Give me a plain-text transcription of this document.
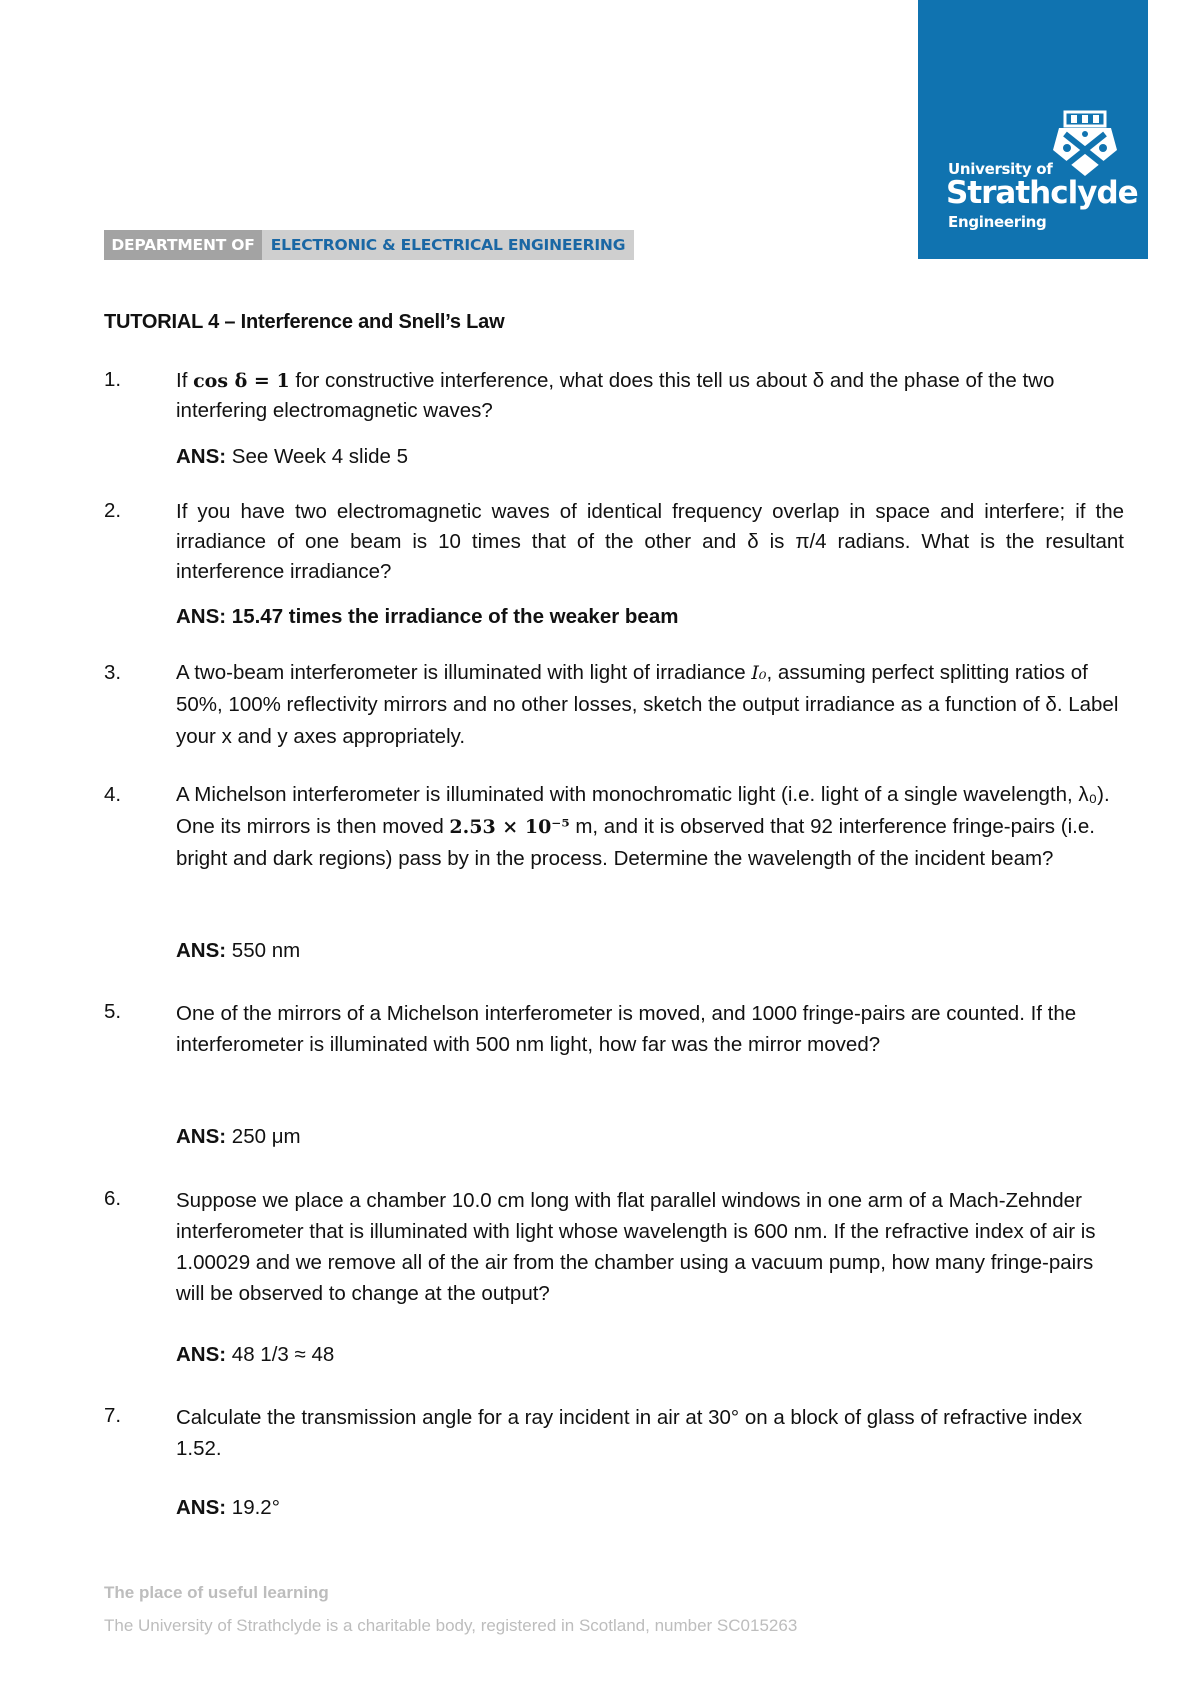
University of
Strathclyde
Engineering
DEPARTMENT OF	ELECTRONIC & ELECTRICAL ENGINEERING
TUTORIAL 4 – Interference and Snell’s Law
1.	If cos δ = 1 for constructive interference, what does this tell us about δ and the phase of the two interfering electromagnetic waves?
ANS: See Week 4 slide 5
2.	If you have two electromagnetic waves of identical frequency overlap in space and interfere; if the irradiance of one beam is 10 times that of the other and δ is π/4 radians. What is the resultant interference irradiance?
ANS: 15.47 times the irradiance of the weaker beam
3.	A two-beam interferometer is illuminated with light of irradiance I₀, assuming perfect splitting ratios of 50%, 100% reflectivity mirrors and no other losses, sketch the output irradiance as a function of δ. Label your x and y axes appropriately.
4.	A Michelson interferometer is illuminated with monochromatic light (i.e. light of a single wavelength, λ₀). One its mirrors is then moved 2.53 × 10⁻⁵ m, and it is observed that 92 interference fringe-pairs (i.e. bright and dark regions) pass by in the process. Determine the wavelength of the incident beam?
ANS: 550 nm
5.	One of the mirrors of a Michelson interferometer is moved, and 1000 fringe-pairs are counted. If the interferometer is illuminated with 500 nm light, how far was the mirror moved?
ANS: 250 μm
6.	Suppose we place a chamber 10.0 cm long with flat parallel windows in one arm of a Mach-Zehnder interferometer that is illuminated with light whose wavelength is 600 nm. If the refractive index of air is 1.00029 and we remove all of the air from the chamber using a vacuum pump, how many fringe-pairs will be observed to change at the output?
ANS: 48 1/3 ≈ 48
7.	Calculate the transmission angle for a ray incident in air at 30° on a block of glass of refractive index 1.52.
ANS: 19.2°
The place of useful learning
The University of Strathclyde is a charitable body, registered in Scotland, number SC015263
